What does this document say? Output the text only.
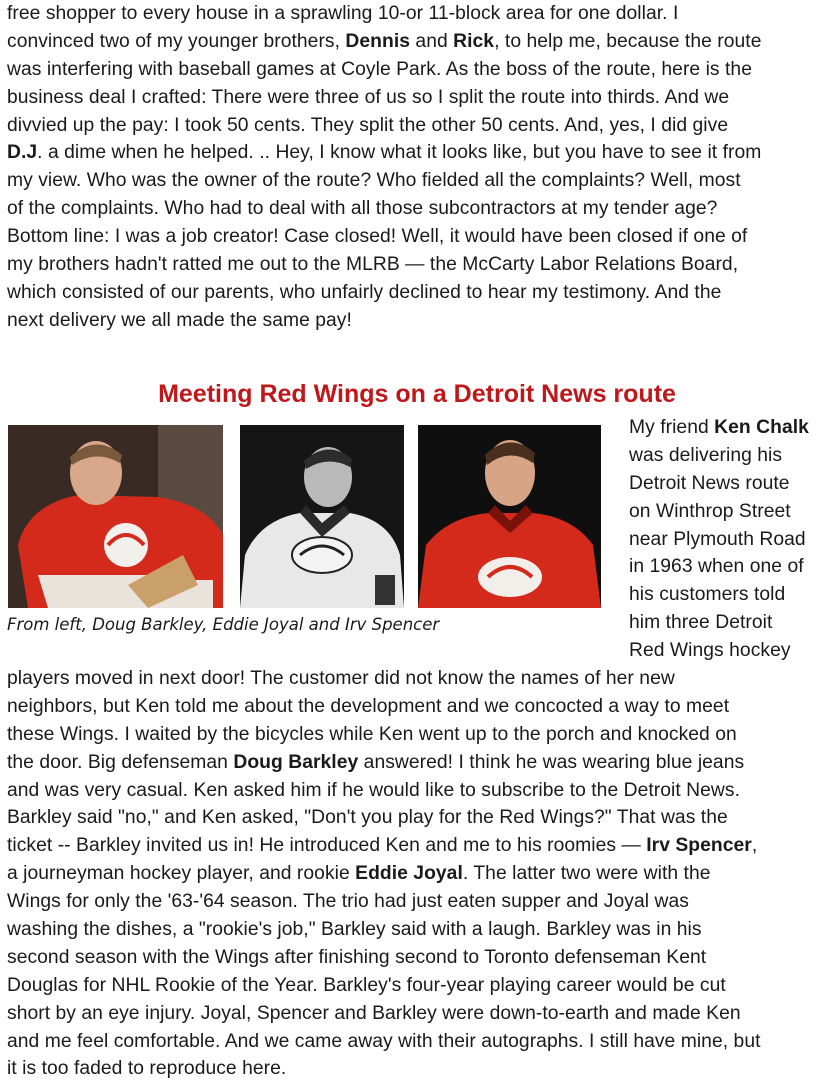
free shopper to every house in a sprawling 10-or 11-block area for one dollar. I
convinced two of my younger brothers, Dennis and Rick, to help me, because the route
was interfering with baseball games at Coyle Park. As the boss of the route, here is the
business deal I crafted: There were three of us so I split the route into thirds. And we
divvied up the pay: I took 50 cents. They split the other 50 cents. And, yes, I did give
D.J. a dime when he helped. .. Hey, I know what it looks like, but you have to see it from
my view. Who was the owner of the route? Who fielded all the complaints? Well, most
of the complaints. Who had to deal with all those subcontractors at my tender age?
Bottom line: I was a job creator! Case closed! Well, it would have been closed if one of
my brothers hadn't ratted me out to the MLRB — the McCarty Labor Relations Board,
which consisted of our parents, who unfairly declined to hear my testimony. And the
next delivery we all made the same pay!
Meeting Red Wings on a Detroit News route
From left, Doug Barkley, Eddie Joyal and Irv Spencer
My friend Ken Chalk
was delivering his
Detroit News route
on Winthrop Street
near Plymouth Road
in 1963 when one of
his customers told
him three Detroit
Red Wings hockey
players moved in next door! The customer did not know the names of her new
neighbors, but Ken told me about the development and we concocted a way to meet
these Wings. I waited by the bicycles while Ken went up to the porch and knocked on
the door. Big defenseman Doug Barkley answered! I think he was wearing blue jeans
and was very casual. Ken asked him if he would like to subscribe to the Detroit News.
Barkley said "no," and Ken asked, "Don't you play for the Red Wings?" That was the
ticket -- Barkley invited us in! He introduced Ken and me to his roomies — Irv Spencer,
a journeyman hockey player, and rookie Eddie Joyal. The latter two were with the
Wings for only the '63-'64 season. The trio had just eaten supper and Joyal was
washing the dishes, a "rookie's job," Barkley said with a laugh. Barkley was in his
second season with the Wings after finishing second to Toronto defenseman Kent
Douglas for NHL Rookie of the Year. Barkley's four-year playing career would be cut
short by an eye injury. Joyal, Spencer and Barkley were down-to-earth and made Ken
and me feel comfortable. And we came away with their autographs. I still have mine, but
it is too faded to reproduce here.
